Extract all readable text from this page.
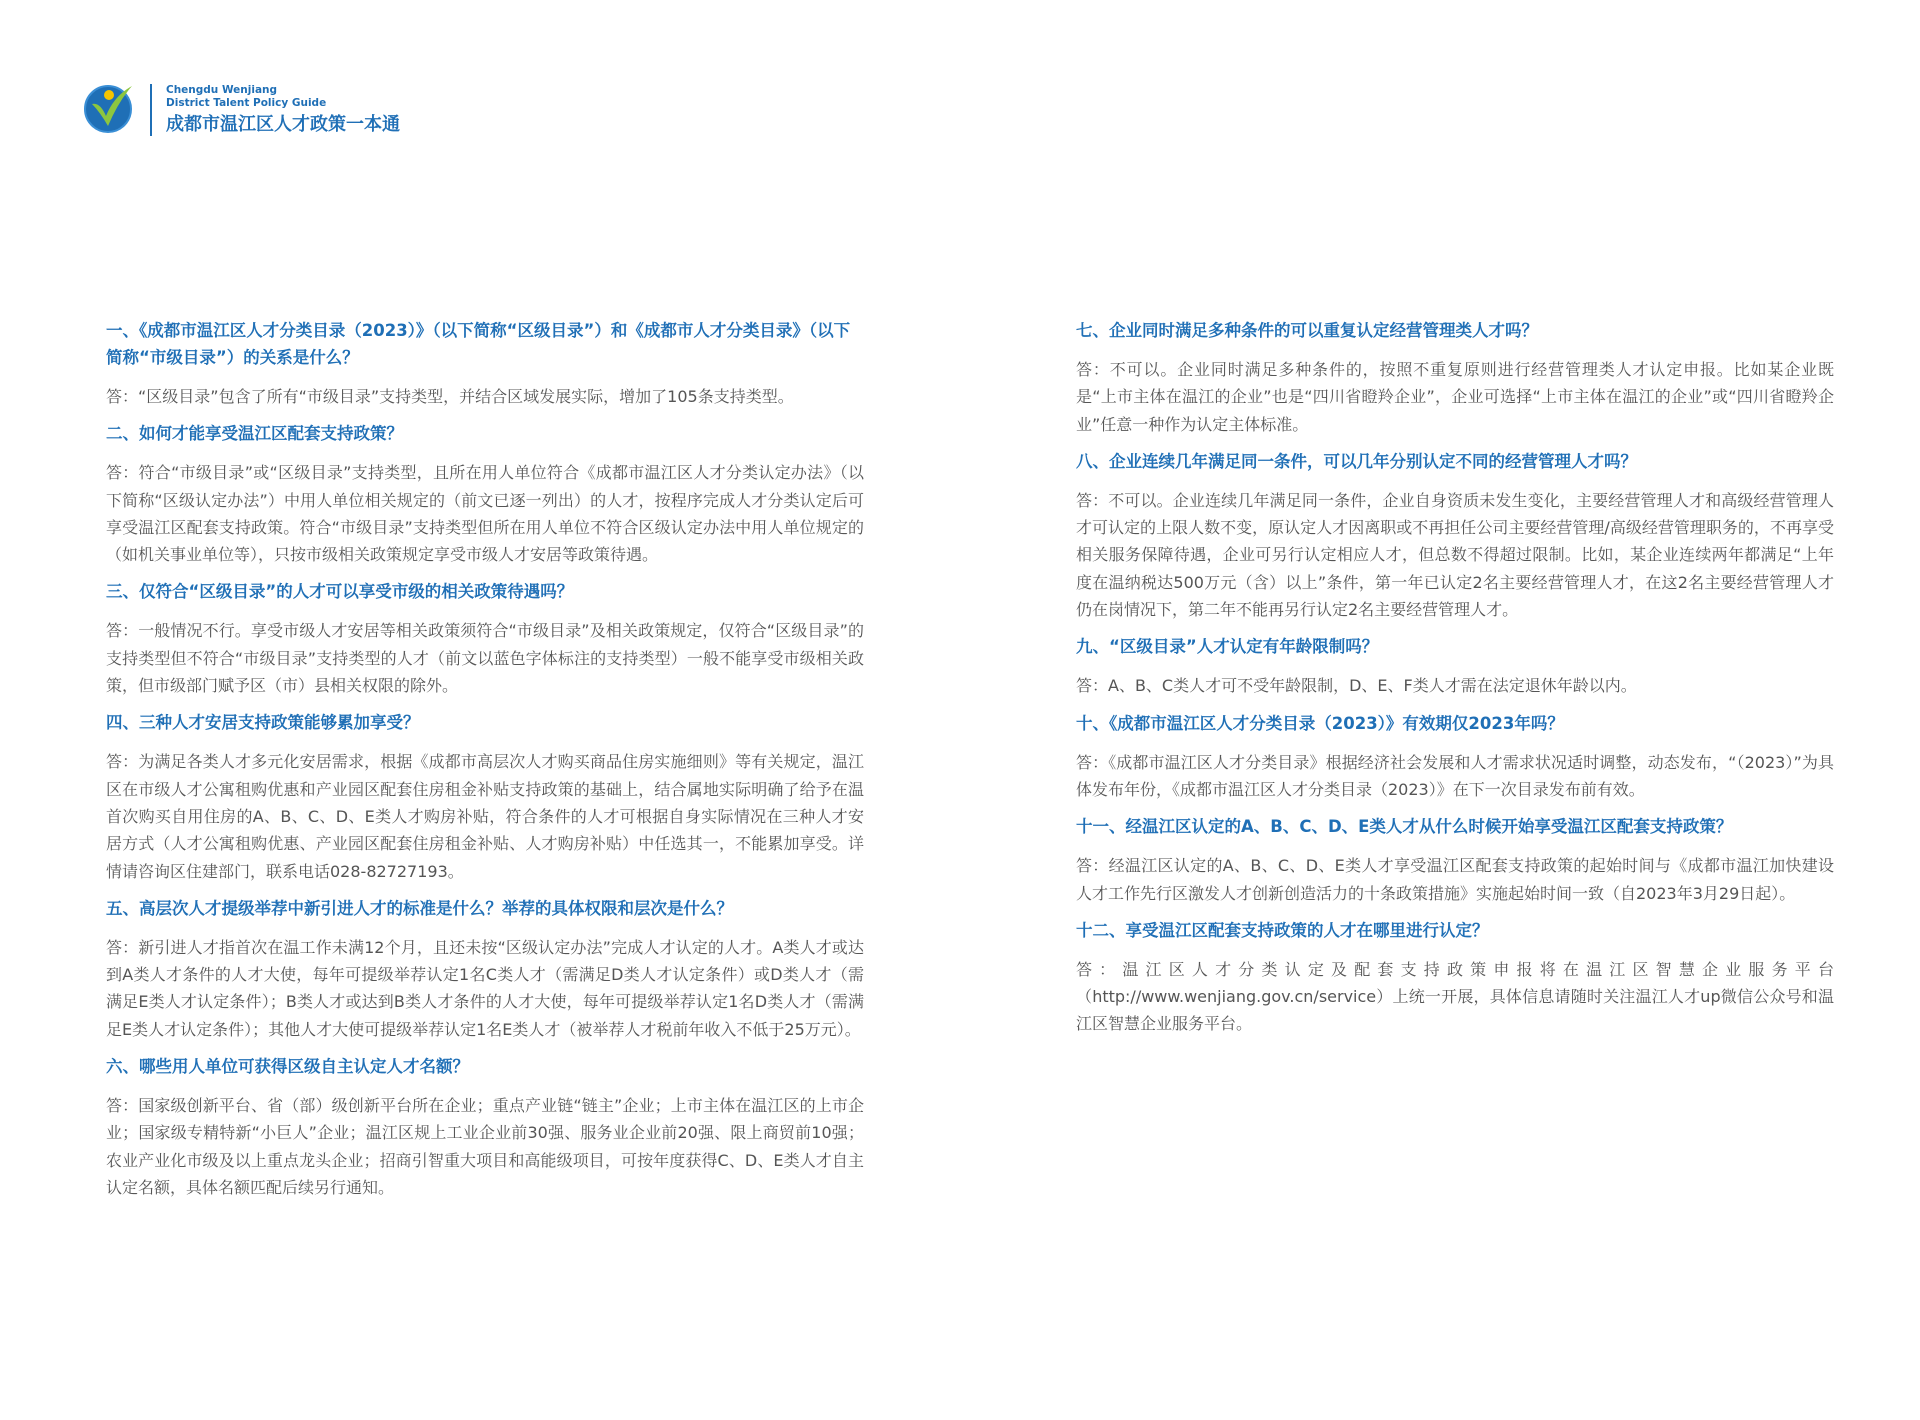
Chengdu Wenjiang
District Talent Policy Guide
成都市温江区人才政策一本通

一、《成都市温江区人才分类目录（2023）》（以下简称“区级目录”）和《成都市人才分类目录》（以下简称“市级目录”）的关系是什么？

答：“区级目录”包含了所有“市级目录”支持类型，并结合区域发展实际，增加了105条支持类型。

二、如何才能享受温江区配套支持政策？

答：符合“市级目录”或“区级目录”支持类型，且所在用人单位符合《成都市温江区人才分类认定办法》（以下简称“区级认定办法”）中用人单位相关规定的（前文已逐一列出）的人才，按程序完成人才分类认定后可享受温江区配套支持政策。符合“市级目录”支持类型但所在用人单位不符合区级认定办法中用人单位规定的（如机关事业单位等），只按市级相关政策规定享受市级人才安居等政策待遇。

三、仅符合“区级目录”的人才可以享受市级的相关政策待遇吗？

答：一般情况不行。享受市级人才安居等相关政策须符合“市级目录”及相关政策规定，仅符合“区级目录”的支持类型但不符合“市级目录”支持类型的人才（前文以蓝色字体标注的支持类型）一般不能享受市级相关政策，但市级部门赋予区（市）县相关权限的除外。

四、三种人才安居支持政策能够累加享受？

答：为满足各类人才多元化安居需求，根据《成都市高层次人才购买商品住房实施细则》等有关规定，温江区在市级人才公寓租购优惠和产业园区配套住房租金补贴支持政策的基础上，结合属地实际明确了给予在温首次购买自用住房的A、B、C、D、E类人才购房补贴，符合条件的人才可根据自身实际情况在三种人才安居方式（人才公寓租购优惠、产业园区配套住房租金补贴、人才购房补贴）中任选其一，不能累加享受。详情请咨询区住建部门，联系电话028-82727193。

五、高层次人才提级举荐中新引进人才的标准是什么？举荐的具体权限和层次是什么？

答：新引进人才指首次在温工作未满12个月，且还未按“区级认定办法”完成人才认定的人才。A类人才或达到A类人才条件的人才大使，每年可提级举荐认定1名C类人才（需满足D类人才认定条件）或D类人才（需满足E类人才认定条件）；B类人才或达到B类人才条件的人才大使，每年可提级举荐认定1名D类人才（需满足E类人才认定条件）；其他人才大使可提级举荐认定1名E类人才（被举荐人才税前年收入不低于25万元）。

六、哪些用人单位可获得区级自主认定人才名额？

答：国家级创新平台、省（部）级创新平台所在企业；重点产业链“链主”企业；上市主体在温江区的上市企业；国家级专精特新“小巨人”企业；温江区规上工业企业前30强、服务业企业前20强、限上商贸前10强；农业产业化市级及以上重点龙头企业；招商引智重大项目和高能级项目，可按年度获得C、D、E类人才自主认定名额，具体名额匹配后续另行通知。

七、企业同时满足多种条件的可以重复认定经营管理类人才吗？

答：不可以。企业同时满足多种条件的，按照不重复原则进行经营管理类人才认定申报。比如某企业既是“上市主体在温江的企业”也是“四川省瞪羚企业”，企业可选择“上市主体在温江的企业”或“四川省瞪羚企业”任意一种作为认定主体标准。

八、企业连续几年满足同一条件，可以几年分别认定不同的经营管理人才吗？

答：不可以。企业连续几年满足同一条件，企业自身资质未发生变化，主要经营管理人才和高级经营管理人才可认定的上限人数不变，原认定人才因离职或不再担任公司主要经营管理/高级经营管理职务的，不再享受相关服务保障待遇，企业可另行认定相应人才，但总数不得超过限制。比如，某企业连续两年都满足“上年度在温纳税达500万元（含）以上”条件，第一年已认定2名主要经营管理人才，在这2名主要经营管理人才仍在岗情况下，第二年不能再另行认定2名主要经营管理人才。

九、“区级目录”人才认定有年龄限制吗？

答：A、B、C类人才可不受年龄限制，D、E、F类人才需在法定退休年龄以内。

十、《成都市温江区人才分类目录（2023）》有效期仅2023年吗？

答：《成都市温江区人才分类目录》根据经济社会发展和人才需求状况适时调整，动态发布，“（2023）”为具体发布年份，《成都市温江区人才分类目录（2023）》在下一次目录发布前有效。

十一、经温江区认定的A、B、C、D、E类人才从什么时候开始享受温江区配套支持政策？

答：经温江区认定的A、B、C、D、E类人才享受温江区配套支持政策的起始时间与《成都市温江加快建设人才工作先行区激发人才创新创造活力的十条政策措施》实施起始时间一致（自2023年3月29日起）。

十二、享受温江区配套支持政策的人才在哪里进行认定？

答：温江区人才分类认定及配套支持政策申报将在温江区智慧企业服务平台（http://www.wenjiang.gov.cn/service）上统一开展，具体信息请随时关注温江人才up微信公众号和温江区智慧企业服务平台。
